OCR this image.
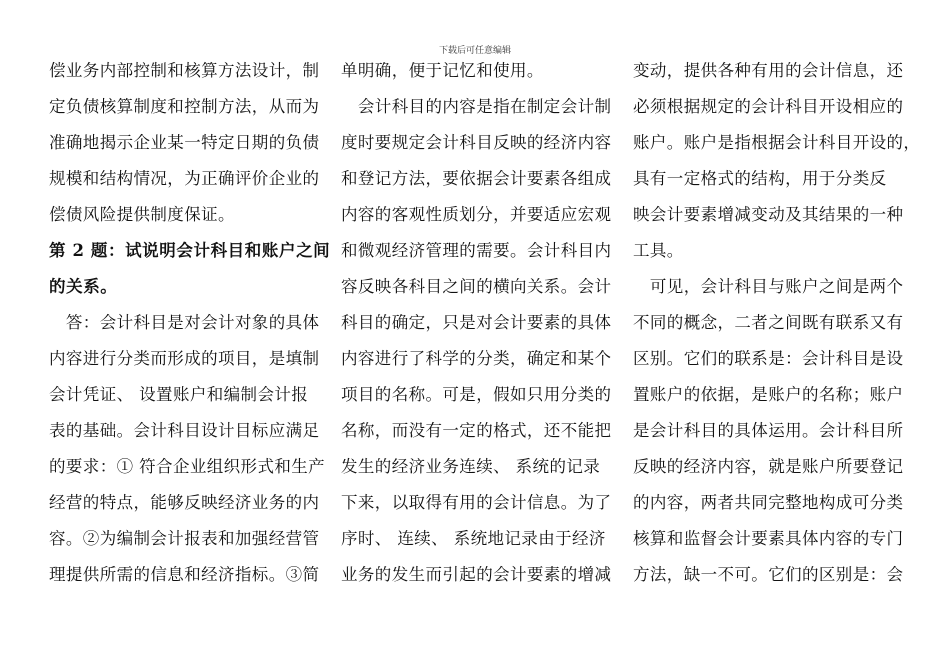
下载后可任意编辑
偿业务内部控制和核算方法设计，制
定负债核算制度和控制方法，从而为
准确地揭示企业某一特定日期的负债
规模和结构情况，为正确评价企业的
偿债风险提供制度保证。
第 2 题：试说明会计科目和账户之间
的关系。
　答：会计科目是对会计对象的具体
内容进行分类而形成的项目，是填制
会计凭证、 设置账户和编制会计报
表的基础。会计科目设计目标应满足
的要求：① 符合企业组织形式和生产
经营的特点，能够反映经济业务的内
容。②为编制会计报表和加强经营管
理提供所需的信息和经济指标。③简
单明确，便于记忆和使用。
　会计科目的内容是指在制定会计制
度时要规定会计科目反映的经济内容
和登记方法，要依据会计要素各组成
内容的客观性质划分，并要适应宏观
和微观经济管理的需要。会计科目内
容反映各科目之间的横向关系。会计
科目的确定，只是对会计要素的具体
内容进行了科学的分类，确定和某个
项目的名称。可是，假如只用分类的
名称，而没有一定的格式，还不能把
发生的经济业务连续、 系统的记录
下来，以取得有用的会计信息。为了
序时、 连续、 系统地记录由于经济
业务的发生而引起的会计要素的增减
变动，提供各种有用的会计信息，还
必须根据规定的会计科目开设相应的
账户。账户是指根据会计科目开设的，
具有一定格式的结构，用于分类反
映会计要素增减变动及其结果的一种
工具。
　可见，会计科目与账户之间是两个
不同的概念，二者之间既有联系又有
区别。它们的联系是：会计科目是设
置账户的依据，是账户的名称；账户
是会计科目的具体运用。会计科目所
反映的经济内容，就是账户所要登记
的内容，两者共同完整地构成可分类
核算和监督会计要素具体内容的专门
方法，缺一不可。它们的区别是：会
